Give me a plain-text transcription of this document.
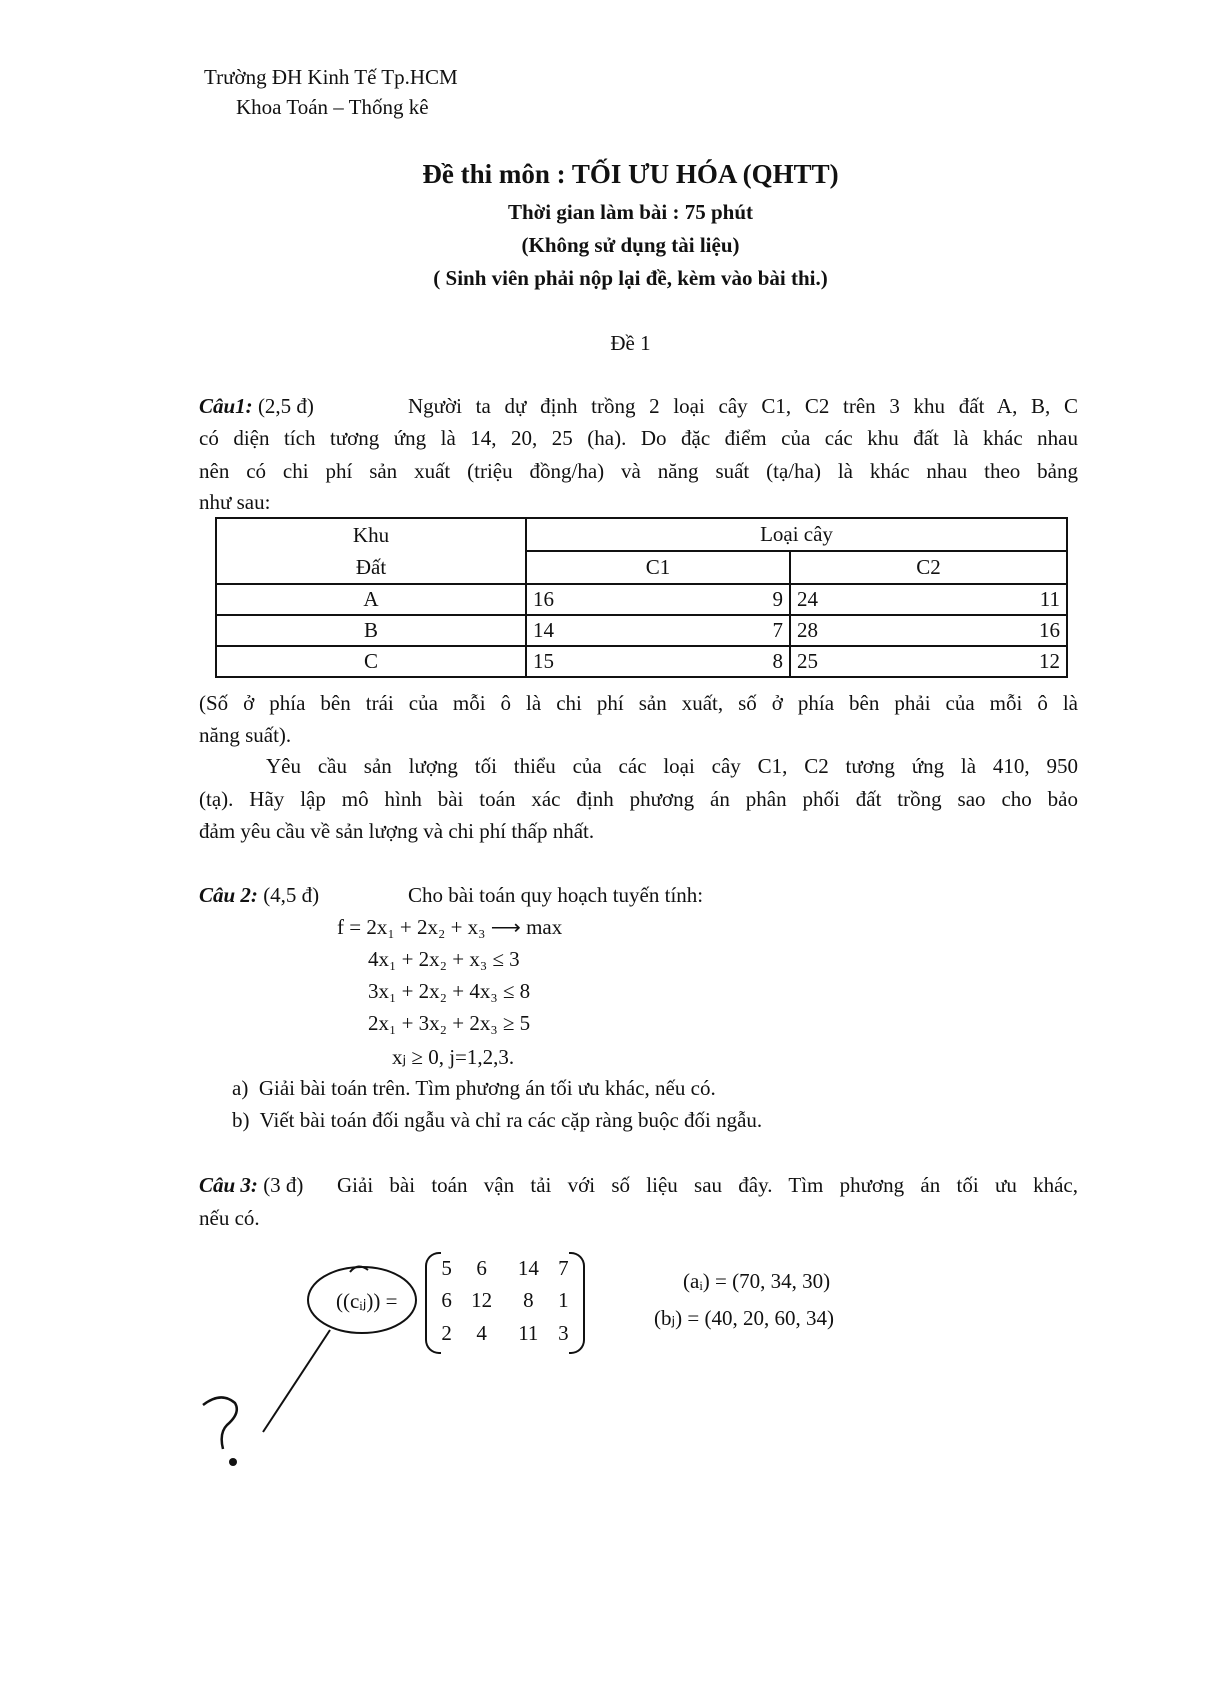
Trường ĐH Kinh Tế Tp.HCM
Khoa Toán – Thống kê
Đề thi môn : TỐI ƯU HÓA (QHTT)
Thời gian làm bài : 75 phút
(Không sử dụng tài liệu)
( Sinh viên phải nộp lại đề, kèm vào bài thi.)
Đề 1
Câu1: (2,5 đ)	Người ta dự định trồng 2 loại cây C1, C2 trên 3 khu đất A, B, C
có diện tích tương ứng là 14, 20, 25 (ha). Do đặc điểm của các khu đất là khác nhau
nên có chi phí sản xuất (triệu đồng/ha) và năng suất (tạ/ha) là khác nhau theo bảng
như sau:
Khu
Đất	Loại cây	
	C1	C2
A	16 9	24 11

B	14 7	28 16

C	15 8	25 12
(Số ở phía bên trái của mỗi ô là chi phí sản xuất, số ở phía bên phải của mỗi ô là
năng suất).
Yêu cầu sản lượng tối thiểu của các loại cây C1, C2 tương ứng là 410, 950
(tạ). Hãy lập mô hình bài toán xác định phương án phân phối đất trồng sao cho bảo
đảm yêu cầu về sản lượng và chi phí thấp nhất.
Câu 2: (4,5 đ)	Cho bài toán quy hoạch tuyến tính:
f = 2x₁ + 2x₂ + x₃ ⟶ max
4x₁ + 2x₂ + x₃ ≤ 3
3x₁ + 2x₂ + 4x₃ ≤ 8
2x₁ + 3x₂ + 2x₃ ≥ 5
xⱼ ≥ 0, j=1,2,3.
a) Giải bài toán trên. Tìm phương án tối ưu khác, nếu có.
b) Viết bài toán đối ngẫu và chỉ ra các cặp ràng buộc đối ngẫu.
Câu 3: (3 đ) Giải bài toán vận tải với số liệu sau đây. Tìm phương án tối ưu khác,
nếu có.
((cᵢⱼ)) =
5	6	14	7
6	12	8	1
2	4	11	3
(aᵢ) = (70, 34, 30)
(bⱼ) = (40, 20, 60, 34)
